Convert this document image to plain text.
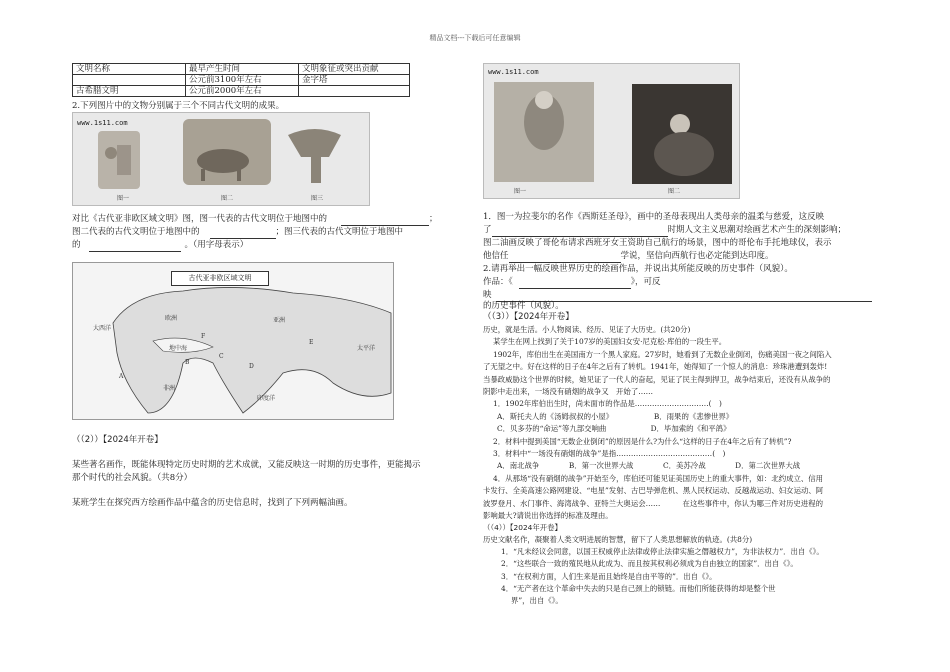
精品文档---下载后可任意编辑
文明名称	最早产生时间	文明象征或突出贡献
	公元前3100年左右	金字塔
古希腊文明	公元前2000年左右	
2.下列图片中的文物分别属于三个不同古代文明的成果。
www.1s11.com
图一	图二	图三
对比《古代亚非欧区域文明》图，图一代表的古代文明位于地图中的	；
图二代表的古代文明位于地图中的	；图三代表的古代文明位于地图中
的	。（用字母表示）
古代亚非欧区域文明
大西洋
欧洲	亚洲
地中海
非洲
印度洋
太平洋
A
B
C
D
E
F
（（2））【2024年开卷】
某些著名画作，既能体现特定历史时期的艺术成就，又能反映这一时期的历史事件，更能揭示
那个时代的社会风貌。（共8分）
某班学生在探究西方绘画作品中蕴含的历史信息时，找到了下列两幅油画。
www.1s11.com
图一	图二
1．图一为拉斐尔的名作《西斯廷圣母》，画中的圣母表现出人类母亲的温柔与慈爱，这反映
了	时期人文主义思潮对绘画艺术产生的深刻影响；
图二油画反映了哥伦布请求西班牙女王资助自己航行的场景，图中的哥伦布手托地球仪，表示
他信任	学说，坚信向西航行也必定能到达印度。
2.请再举出一幅反映世界历史的绘画作品，并说出其所能反映的历史事件（风貌）。
作品：《	》，可反
映
的历史事件（风貌）。
（（3））【2024年开卷】
历史，就是生活。小人物阅读、经历、见证了大历史。(共20分)
某学生在网上找到了关于107岁的美国妇女安·尼克松·库伯的一段生平。
1902年，库伯出生在美国南方一个黑人家庭。27岁时，她看到了无数企业倒闭，伤痛美国一夜之间陷入
了无望之中。好在这样的日子在4年之后有了转机。1941年，她得知了一个惊人的消息：珍珠港遭到轰炸!
当暴政威胁这个世界的时候，她见证了一代人的奋起，见证了民主得到捍卫，战争结束后，还没有从战争的
阴影中走出来，一场没有硝烟的战争又　开始了……
1．1902年库伯出生时，尚未面市的作品是…………………………(　)
A．斯托夫人的《汤姆叔叔的小屋》　　　　　　B．雨果的《悲惨世界》
C．贝多芬的“命运”等九部交响曲　　　　　　D．毕加索的《和平鸽》
2．材料中提到美国“无数企业倒闭”的原因是什么?为什么“这样的日子在4年之后有了转机”?
3．材料中“一场没有硝烟的战争”是指…………………………………(　)
A．南北战争　　　　B．第一次世界大战　　　　C．美苏冷战　　　　D．第二次世界大战
4．从那场“没有硝烟的战争”开始至今，库伯还可能见证美国历史上的重大事件，如：北约成立、信用
卡发行、全美高速公路网建设、“电星”发射、古巴导弹危机、黑人民权运动、反越战运动、妇女运动、阿
波罗登月、水门事件、海湾战争、亚特兰大奥运会……　　　在这些事件中，你认为哪三件对历史进程的
影响最大?请说出你选择的标准及理由。
（（4））【2024年开卷】
历史文献名作，凝聚着人类文明进展的智慧，留下了人类思想解放的轨迹。(共8分)
1．“凡未经议会同意，以国王权威停止法律或停止法律实施之僭越权力”，为非法权力”．出自《》。
2．“这些联合一致的殖民地从此成为、而且按其权利必须成为自由独立的国家”．出自《》。
3．“在权利方面，人们生来是而且始终是自由平等的”．出自《》。
4．“无产者在这个革命中失去的只是自己颈上的锁链。而他们所能获得的却是整个世
界”，出自《》。
